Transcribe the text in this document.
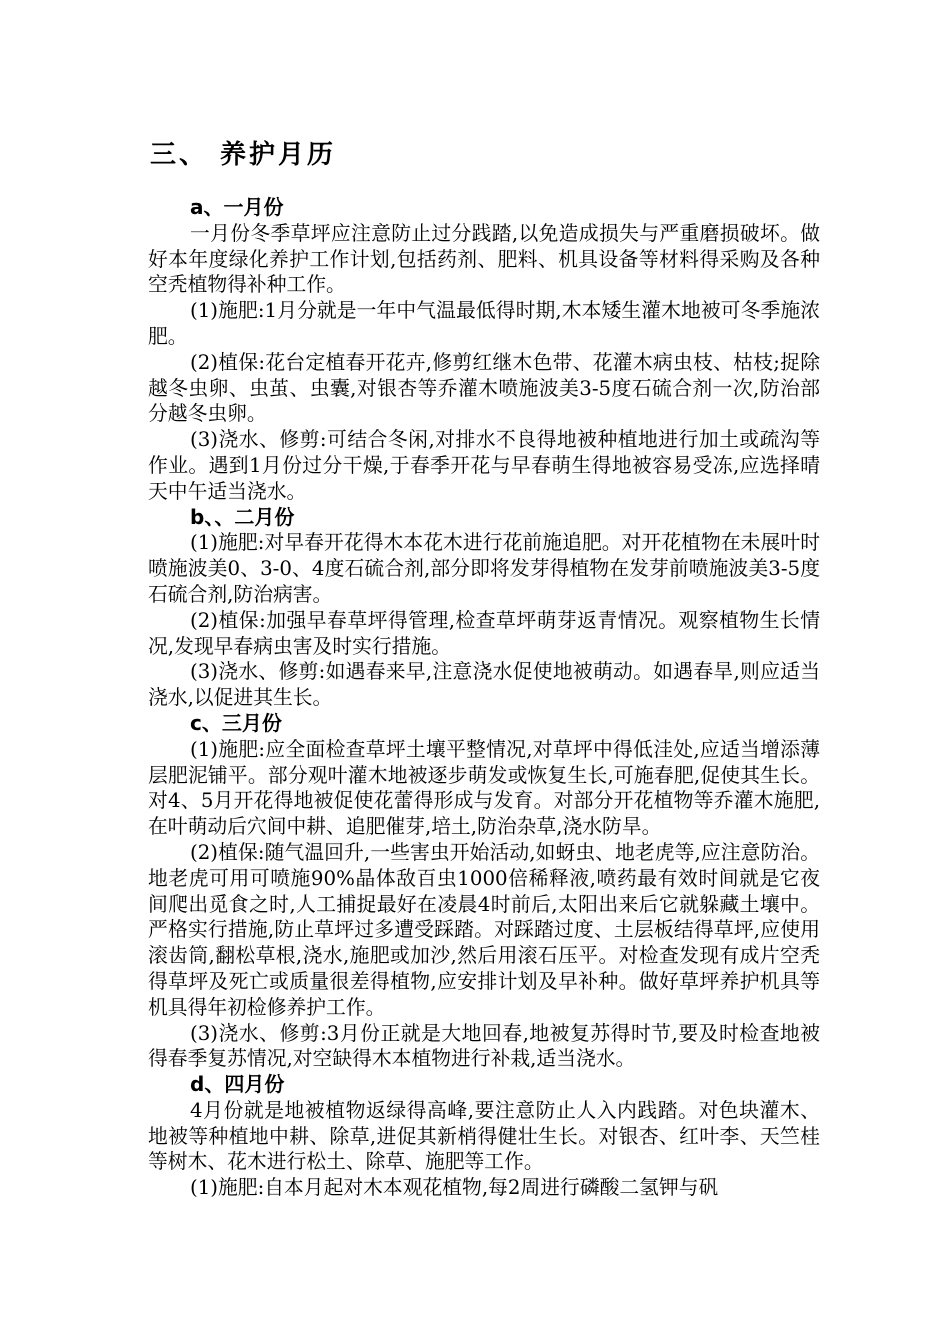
三、 养护月历
a、一月份

一月份冬季草坪应注意防止过分践踏,以免造成损失与严重磨损破坏。做好本年度绿化养护工作计划,包括药剂、肥料、机具设备等材料得采购及各种空秃植物得补种工作。

(1)施肥:1月分就是一年中气温最低得时期,木本矮生灌木地被可冬季施浓肥。

(2)植保:花台定植春开花卉,修剪红继木色带、花灌木病虫枝、枯枝;捉除越冬虫卵、虫茧、虫囊,对银杏等乔灌木喷施波美3-5度石硫合剂一次,防治部分越冬虫卵。

(3)浇水、修剪:可结合冬闲,对排水不良得地被种植地进行加土或疏沟等作业。遇到1月份过分干燥,于春季开花与早春萌生得地被容易受冻,应选择晴天中午适当浇水。

b、、二月份

(1)施肥:对早春开花得木本花木进行花前施追肥。对开花植物在未展叶时喷施波美0、3-0、4度石硫合剂,部分即将发芽得植物在发芽前喷施波美3-5度石硫合剂,防治病害。

(2)植保:加强早春草坪得管理,检查草坪萌芽返青情况。观察植物生长情况,发现早春病虫害及时实行措施。

(3)浇水、修剪:如遇春来早,注意浇水促使地被萌动。如遇春旱,则应适当浇水,以促进其生长。

c、三月份

(1)施肥:应全面检查草坪土壤平整情况,对草坪中得低洼处,应适当增添薄层肥泥铺平。部分观叶灌木地被逐步萌发或恢复生长,可施春肥,促使其生长。对4、5月开花得地被促使花蕾得形成与发育。对部分开花植物等乔灌木施肥,在叶萌动后穴间中耕、追肥催芽,培土,防治杂草,浇水防旱。

(2)植保:随气温回升,一些害虫开始活动,如蚜虫、地老虎等,应注意防治。地老虎可用可喷施90%晶体敌百虫1000倍稀释液,喷药最有效时间就是它夜间爬出觅食之时,人工捕捉最好在凌晨4时前后,太阳出来后它就躲藏土壤中。严格实行措施,防止草坪过多遭受踩踏。对踩踏过度、土层板结得草坪,应使用滚齿筒,翻松草根,浇水,施肥或加沙,然后用滚石压平。对检查发现有成片空秃得草坪及死亡或质量很差得植物,应安排计划及早补种。做好草坪养护机具等机具得年初检修养护工作。

(3)浇水、修剪:3月份正就是大地回春,地被复苏得时节,要及时检查地被得春季复苏情况,对空缺得木本植物进行补栽,适当浇水。

d、四月份

4月份就是地被植物返绿得高峰,要注意防止人入内践踏。对色块灌木、地被等种植地中耕、除草,进促其新梢得健壮生长。对银杏、红叶李、天竺桂等树木、花木进行松土、除草、施肥等工作。

(1)施肥:自本月起对木本观花植物,每2周进行磷酸二氢钾与矾
